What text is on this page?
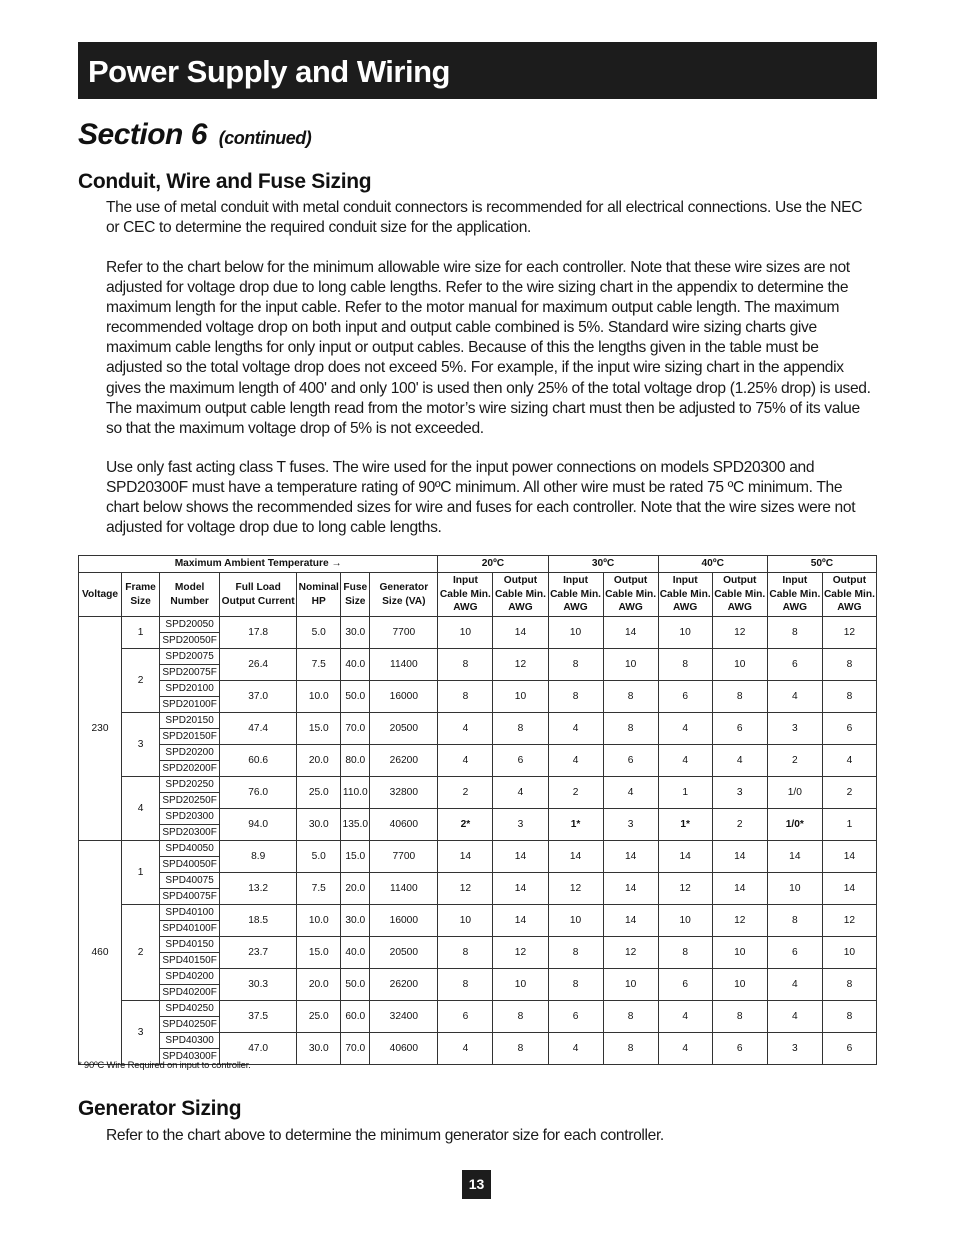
Power Supply and Wiring
Section 6 (continued)
Conduit, Wire and Fuse Sizing

The use of metal conduit with metal conduit connectors is recommended for all electrical connections. Use the NEC or CEC to determine the required conduit size for the application.

Refer to the chart below for the minimum allowable wire size for each controller. Note that these wire sizes are not adjusted for voltage drop due to long cable lengths. Refer to the wire sizing chart in the appendix to determine the maximum length for the input cable. Refer to the motor manual for maximum output cable length. The maximum recommended voltage drop on both input and output cable combined is 5%. Standard wire sizing charts give maximum cable lengths for only input or output cables. Because of this the lengths given in the table must be adjusted so the total voltage drop does not exceed 5%. For example, if the input wire sizing chart in the appendix gives the maximum length of 400' and only 100' is used then only 25% of the total voltage drop (1.25% drop) is used. The maximum output cable length read from the motor’s wire sizing chart must then be adjusted to 75% of its value so that the maximum voltage drop of 5% is not exceeded.

Use only fast acting class T fuses. The wire used for the input power connections on models SPD20300 and SPD20300F must have a temperature rating of 90ºC minimum. All other wire must be rated 75 ºC minimum. The chart below shows the recommended sizes for wire and fuses for each controller. Note that the wire sizes were not adjusted for voltage drop due to long cable lengths.

Maximum Ambient Temperature →							20ºC		30ºC		40ºC		50ºC	
Voltage	Frame Size	Model Number	Full Load Output Current	Nominal HP	Fuse Size	Generator Size (VA)	Input Cable Min. AWG	Output Cable Min. AWG	Input Cable Min. AWG	Output Cable Min. AWG	Input Cable Min. AWG	Output Cable Min. AWG	Input Cable Min. AWG	Output Cable Min. AWG
230	1	SPD20050	17.8	5.0	30.0	7700	10	14	10	14	10	12	8	12
		SPD20050F												
	2	SPD20075	26.4	7.5	40.0	11400	8	12	8	10	8	10	6	8
		SPD20075F												
		SPD20100	37.0	10.0	50.0	16000	8	10	8	8	6	8	4	8
		SPD20100F												
	3	SPD20150	47.4	15.0	70.0	20500	4	8	4	8	4	6	3	6
		SPD20150F												
		SPD20200	60.6	20.0	80.0	26200	4	6	4	6	4	4	2	4
		SPD20200F												
	4	SPD20250	76.0	25.0	110.0	32800	2	4	2	4	1	3	1/0	2
		SPD20250F												
		SPD20300	94.0	30.0	135.0	40600	2*	3	1*	3	1*	2	1/0*	1
		SPD20300F												
460	1	SPD40050	8.9	5.0	15.0	7700	14	14	14	14	14	14	14	14
		SPD40050F												
		SPD40075	13.2	7.5	20.0	11400	12	14	12	14	12	14	10	14
		SPD40075F												
	2	SPD40100	18.5	10.0	30.0	16000	10	14	10	14	10	12	8	12
		SPD40100F												
		SPD40150	23.7	15.0	40.0	20500	8	12	8	12	8	10	6	10
		SPD40150F												
		SPD40200	30.3	20.0	50.0	26200	8	10	8	10	6	10	4	8
		SPD40200F												
	3	SPD40250	37.5	25.0	60.0	32400	6	8	6	8	4	8	4	8
		SPD40250F												
		SPD40300	47.0	30.0	70.0	40600	4	8	4	8	4	6	3	6
		SPD40300F												
* 90ºC Wire Required on input to controller.
Generator Sizing

Refer to the chart above to determine the minimum generator size for each controller.

13
